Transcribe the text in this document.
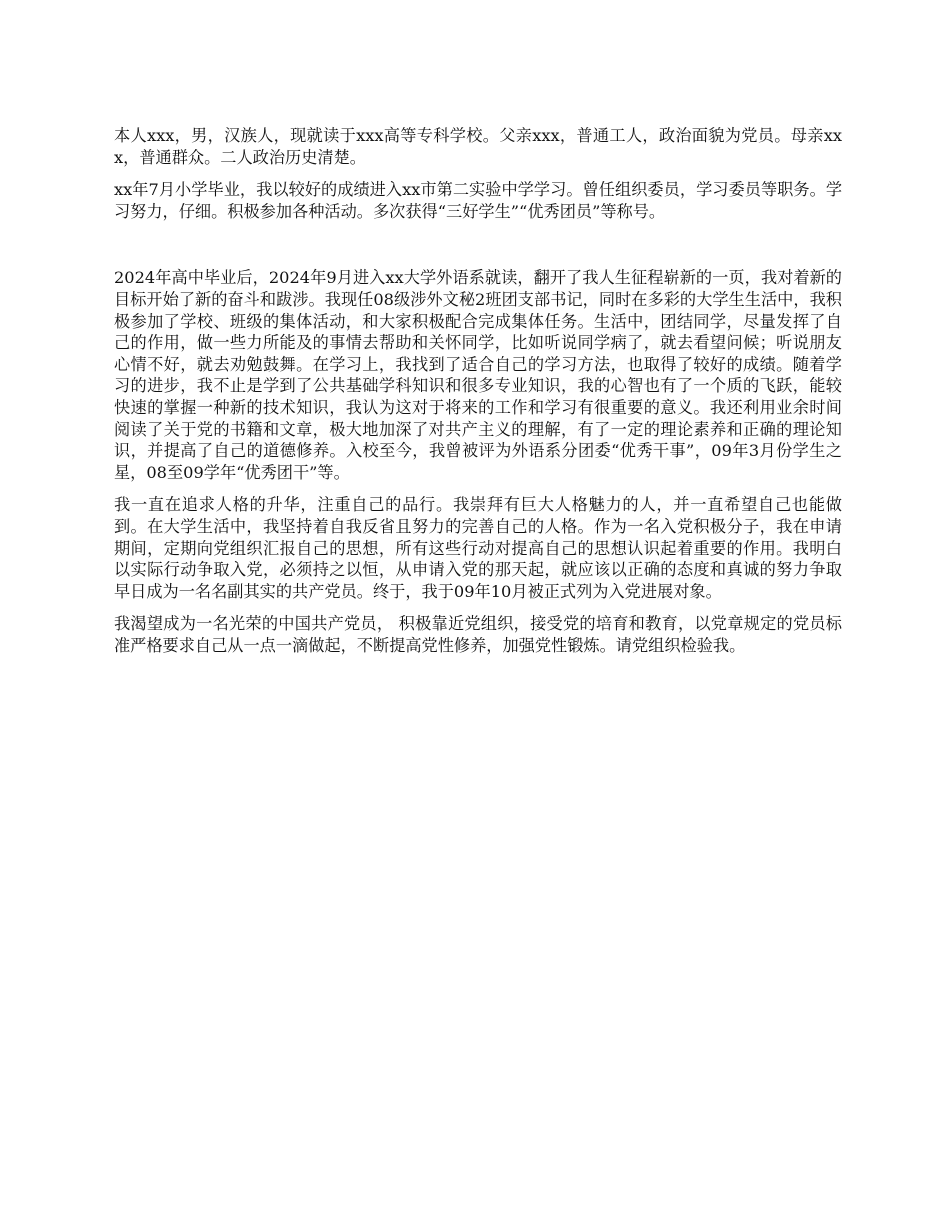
本人xxx，男，汉族人，现就读于xxx高等专科学校。父亲xxx，普通工人，政治面貌为党员。母亲xxx，普通群众。二人政治历史清楚。

xx年7月小学毕业，我以较好的成绩进入xx市第二实验中学学习。曾任组织委员，学习委员等职务。学习努力，仔细。积极参加各种活动。多次获得“三好学生”“优秀团员”等称号。

2024年高中毕业后，2024年9月进入xx大学外语系就读，翻开了我人生征程崭新的一页，我对着新的目标开始了新的奋斗和跋涉。我现任08级涉外文秘2班团支部书记，同时在多彩的大学生生活中，我积极参加了学校、班级的集体活动，和大家积极配合完成集体任务。生活中，团结同学，尽量发挥了自己的作用，做一些力所能及的事情去帮助和关怀同学，比如听说同学病了，就去看望问候；听说朋友心情不好，就去劝勉鼓舞。在学习上，我找到了适合自己的学习方法，也取得了较好的成绩。随着学习的进步，我不止是学到了公共基础学科知识和很多专业知识，我的心智也有了一个质的飞跃，能较快速的掌握一种新的技术知识，我认为这对于将来的工作和学习有很重要的意义。我还利用业余时间阅读了关于党的书籍和文章，极大地加深了对共产主义的理解，有了一定的理论素养和正确的理论知识，并提高了自己的道德修养。入校至今，我曾被评为外语系分团委“优秀干事”，09年3月份学生之星，08至09学年“优秀团干”等。

我一直在追求人格的升华，注重自己的品行。我崇拜有巨大人格魅力的人，并一直希望自己也能做到。在大学生活中，我坚持着自我反省且努力的完善自己的人格。作为一名入党积极分子，我在申请期间，定期向党组织汇报自己的思想，所有这些行动对提高自己的思想认识起着重要的作用。我明白以实际行动争取入党，必须持之以恒，从申请入党的那天起，就应该以正确的态度和真诚的努力争取早日成为一名名副其实的共产党员。终于，我于09年10月被正式列为入党进展对象。

我渴望成为一名光荣的中国共产党员， 积极靠近党组织，接受党的培育和教育，以党章规定的党员标准严格要求自己从一点一滴做起，不断提高党性修养，加强党性锻炼。请党组织检验我。
